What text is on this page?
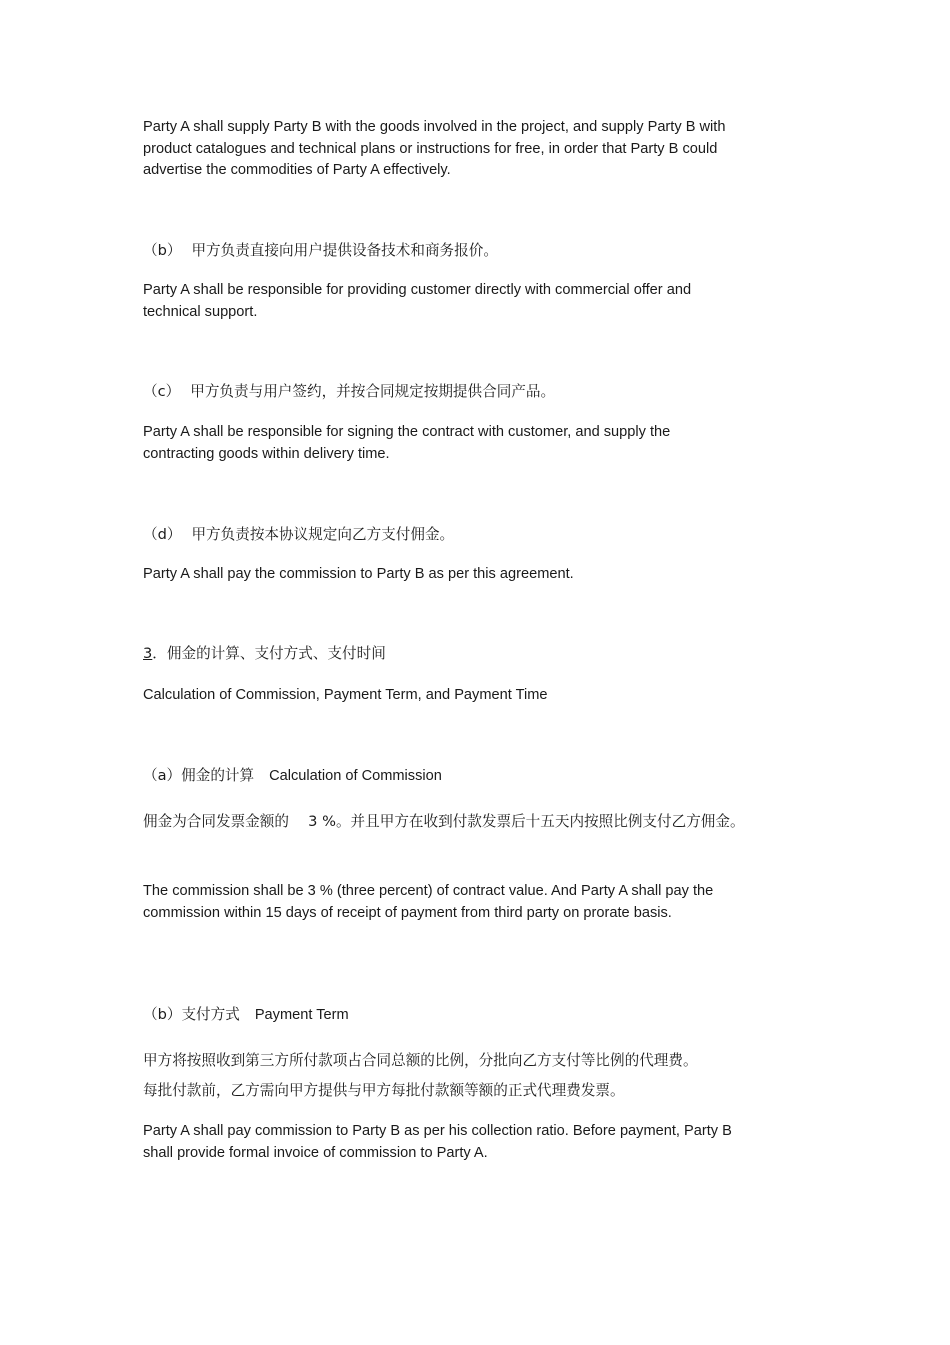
Party A shall supply Party B with the goods involved in the project, and supply Party B with product catalogues and technical plans or instructions for free, in order that Party B could advertise the commodities of Party A effectively.

（b） 甲方负责直接向用户提供设备技术和商务报价。

Party A shall be responsible for providing customer directly with commercial offer and technical support.

（c） 甲方负责与用户签约，并按合同规定按期提供合同产品。

Party A shall be responsible for signing the contract with customer, and supply the contracting goods within delivery time.

（d） 甲方负责按本协议规定向乙方支付佣金。

Party A shall pay the commission to Party B as per this agreement.

3．佣金的计算、支付方式、支付时间

Calculation of Commission, Payment Term, and Payment Time

（a）佣金的计算 Calculation of Commission

佣金为合同发票金额的　 3 %。并且甲方在收到付款发票后十五天内按照比例支付乙方佣金。

The commission shall be 3 % (three percent) of contract value. And Party A shall pay the commission within 15 days of receipt of payment from third party on prorate basis.

（b）支付方式 Payment Term

甲方将按照收到第三方所付款项占合同总额的比例，分批向乙方支付等比例的代理费。

每批付款前，乙方需向甲方提供与甲方每批付款额等额的正式代理费发票。

Party A shall pay commission to Party B as per his collection ratio. Before payment, Party B shall provide formal invoice of commission to Party A.
